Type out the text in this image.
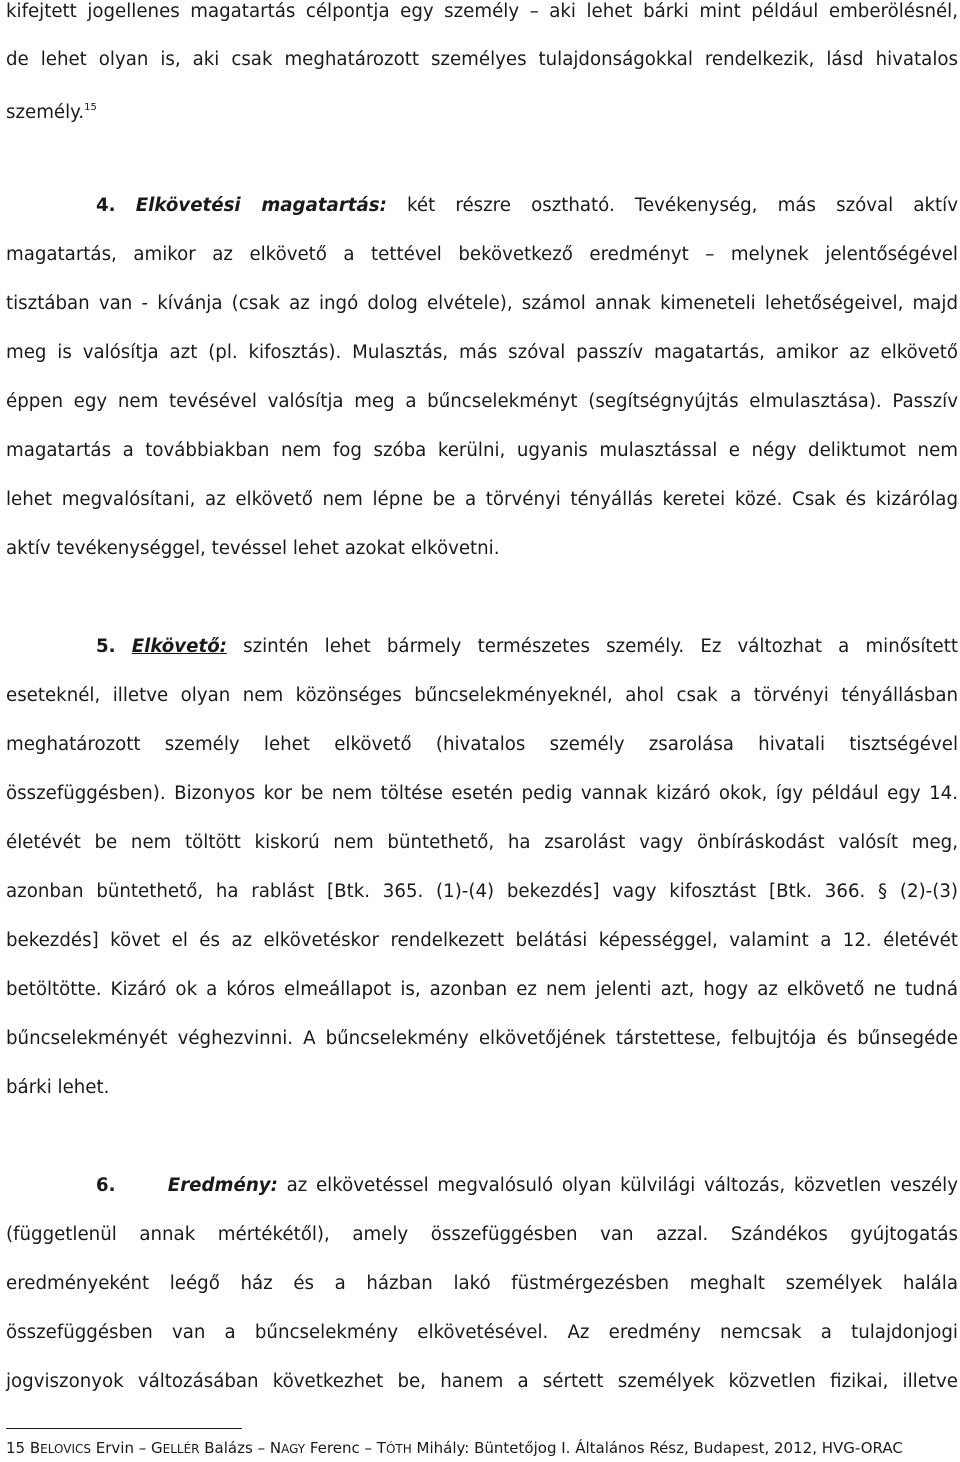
kifejtett jogellenes magatartás célpontja egy személy – aki lehet bárki mint például emberölésnél,
de lehet olyan is, aki csak meghatározott személyes tulajdonságokkal rendelkezik, lásd hivatalos
személy.$^{15}$
4. Elkövetési magatartás: két részre osztható. Tevékenység, más szóval aktív
magatartás, amikor az elkövető a tettével bekövetkező eredményt – melynek jelentőségével
tisztában van - kívánja (csak az ingó dolog elvétele), számol annak kimeneteli lehetőségeivel, majd
meg is valósítja azt (pl. kifosztás). Mulasztás, más szóval passzív magatartás, amikor az elkövető
éppen egy nem tevésével valósítja meg a bűncselekményt (segítségnyújtás elmulasztása). Passzív
magatartás a továbbiakban nem fog szóba kerülni, ugyanis mulasztással e négy deliktumot nem
lehet megvalósítani, az elkövető nem lépne be a törvényi tényállás keretei közé. Csak és kizárólag
aktív tevékenységgel, tevéssel lehet azokat elkövetni.
5. Elkövető: szintén lehet bármely természetes személy. Ez változhat a minősített
eseteknél, illetve olyan nem közönséges bűncselekményeknél, ahol csak a törvényi tényállásban
meghatározott személy lehet elkövető (hivatalos személy zsarolása hivatali tisztségével
összefüggésben). Bizonyos kor be nem töltése esetén pedig vannak kizáró okok, így például egy 14.
életévét be nem töltött kiskorú nem büntethető, ha zsarolást vagy önbíráskodást valósít meg,
azonban büntethető, ha rablást [Btk. 365. (1)-(4) bekezdés] vagy kifosztást [Btk. 366. § (2)-(3)
bekezdés] követ el és az elkövetéskor rendelkezett belátási képességgel, valamint a 12. életévét
betöltötte. Kizáró ok a kóros elmeállapot is, azonban ez nem jelenti azt, hogy az elkövető ne tudná
bűncselekményét véghezvinni. A bűncselekmény elkövetőjének társtettese, felbujtója és bűnsegéde
bárki lehet.
6.	Eredmény: az elkövetéssel megvalósuló olyan külvilági változás, közvetlen veszély
(függetlenül annak mértékétől), amely összefüggésben van azzal. Szándékos gyújtogatás
eredményeként leégő ház és a házban lakó füstmérgezésben meghalt személyek halála
összefüggésben van a bűncselekmény elkövetésével. Az eredmény nemcsak a tulajdonjogi
jogviszonyok változásában következhet be, hanem a sértett személyek közvetlen fizikai, illetve
15 BELOVICS Ervin – GELLÉR Balázs – NAGY Ferenc – TÓTH Mihály: Büntetőjog I. Általános Rész, Budapest, 2012, HVG-ORAC
